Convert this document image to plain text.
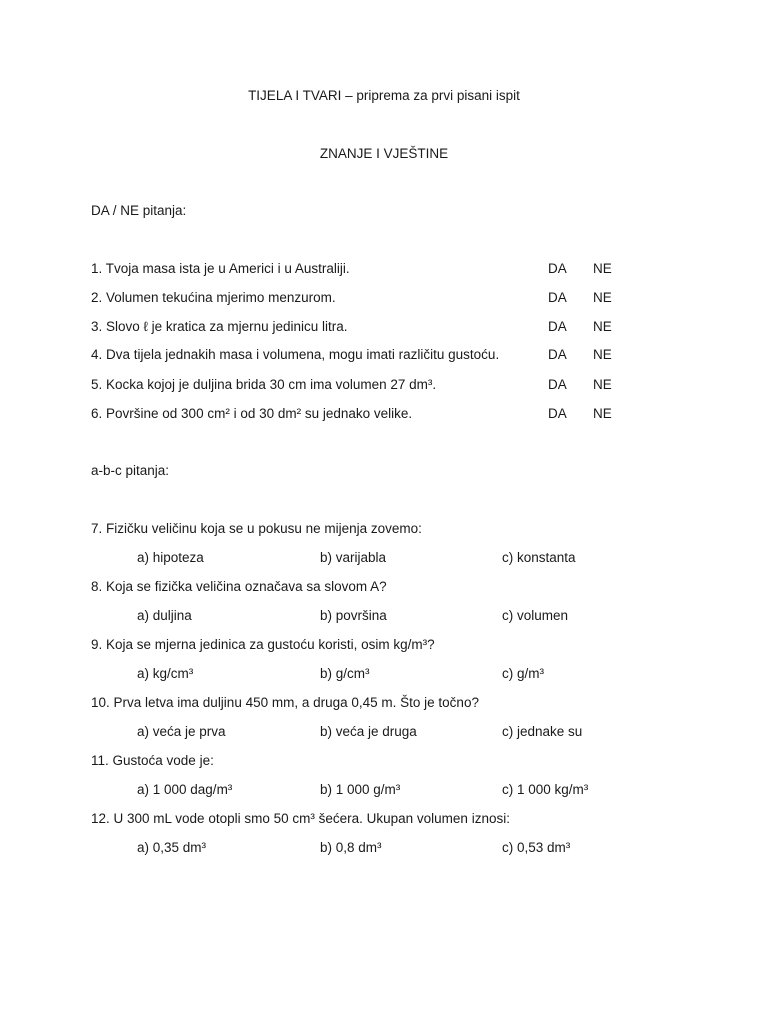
TIJELA I TVARI – priprema za prvi pisani ispit
ZNANJE I VJEŠTINE
DA / NE pitanja:
1. Tvoja masa ista je u Americi i u Australiji.	DA NE
2. Volumen tekućina mjerimo menzurom.	DA NE
3. Slovo ℓ je kratica za mjernu jedinicu litra.	DA NE
4. Dva tijela jednakih masa i volumena, mogu imati različitu gustoću.	DA NE
5. Kocka kojoj je duljina brida 30 cm ima volumen 27 dm³.	DA NE
6. Površine od 300 cm² i od 30 dm² su jednako velike.	DA NE
a-b-c pitanja:
7. Fizičku veličinu koja se u pokusu ne mijenja zovemo:
a) hipoteza	b) varijabla	c) konstanta
8. Koja se fizička veličina označava sa slovom A?
a) duljina	b) površina	c) volumen
9. Koja se mjerna jedinica za gustoću koristi, osim kg/m³?
a) kg/cm³	b) g/cm³	c) g/m³
10. Prva letva ima duljinu 450 mm, a druga 0,45 m. Što je točno?
a) veća je prva	b) veća je druga	c) jednake su
11. Gustoća vode je:
a) 1 000 dag/m³	b) 1 000 g/m³	c) 1 000 kg/m³
12. U 300 mL vode otopli smo 50 cm³ šećera. Ukupan volumen iznosi:
a) 0,35 dm³	b) 0,8 dm³	c) 0,53 dm³
